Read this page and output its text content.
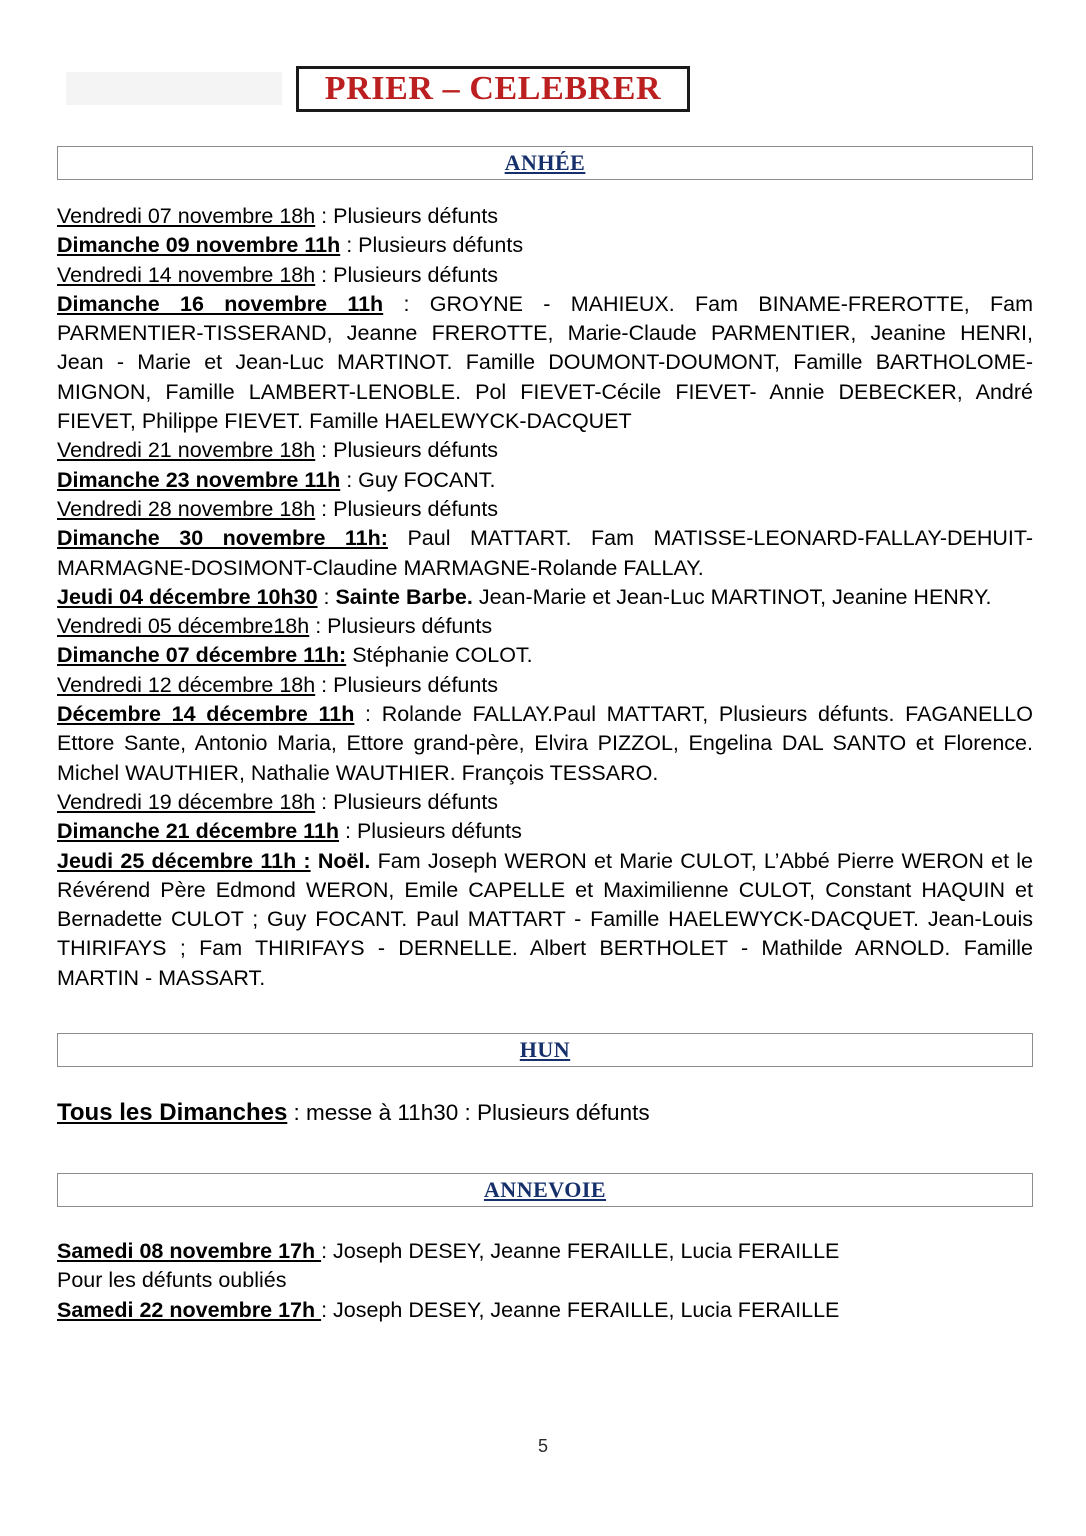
PRIER – CELEBRER
ANHÉE

Vendredi 07 novembre 18h : Plusieurs défunts

Dimanche 09 novembre 11h : Plusieurs défunts

Vendredi 14 novembre 18h : Plusieurs défunts

Dimanche 16 novembre 11h : GROYNE - MAHIEUX. Fam BINAME-FREROTTE, Fam PARMENTIER-TISSERAND, Jeanne FREROTTE, Marie-Claude PARMENTIER, Jeanine HENRI, Jean - Marie et Jean-Luc MARTINOT. Famille DOUMONT-DOUMONT, Famille BARTHOLOME-MIGNON, Famille LAMBERT-LENOBLE. Pol FIEVET-Cécile FIEVET- Annie DEBECKER, André FIEVET, Philippe FIEVET. Famille HAELEWYCK-DACQUET

Vendredi 21 novembre 18h : Plusieurs défunts

Dimanche 23 novembre 11h : Guy FOCANT.

Vendredi 28 novembre 18h : Plusieurs défunts

Dimanche 30 novembre 11h: Paul MATTART. Fam MATISSE-LEONARD-FALLAY-DEHUIT-MARMAGNE-DOSIMONT-Claudine MARMAGNE-Rolande FALLAY.

Jeudi 04 décembre 10h30 : Sainte Barbe. Jean-Marie et Jean-Luc MARTINOT, Jeanine HENRY.

Vendredi 05 décembre18h : Plusieurs défunts

Dimanche 07 décembre 11h: Stéphanie COLOT.

Vendredi 12 décembre 18h : Plusieurs défunts

Décembre 14 décembre 11h : Rolande FALLAY.Paul MATTART, Plusieurs défunts. FAGANELLO Ettore Sante, Antonio Maria, Ettore grand-père, Elvira PIZZOL, Engelina DAL SANTO et Florence. Michel WAUTHIER, Nathalie WAUTHIER. François TESSARO.

Vendredi 19 décembre 18h : Plusieurs défunts

Dimanche 21 décembre 11h : Plusieurs défunts

Jeudi 25 décembre 11h : Noël. Fam Joseph WERON et Marie CULOT, L’Abbé Pierre WERON et le Révérend Père Edmond WERON, Emile CAPELLE et Maximilienne CULOT, Constant HAQUIN et Bernadette CULOT ; Guy FOCANT. Paul MATTART - Famille HAELEWYCK-DACQUET. Jean-Louis THIRIFAYS ; Fam THIRIFAYS - DERNELLE. Albert BERTHOLET - Mathilde ARNOLD. Famille MARTIN - MASSART.

HUN

Tous les Dimanches : messe à 11h30 : Plusieurs défunts

ANNEVOIE

Samedi 08 novembre 17h : Joseph DESEY, Jeanne FERAILLE, Lucia FERAILLE

Pour les défunts oubliés

Samedi 22 novembre 17h : Joseph DESEY, Jeanne FERAILLE, Lucia FERAILLE

5
